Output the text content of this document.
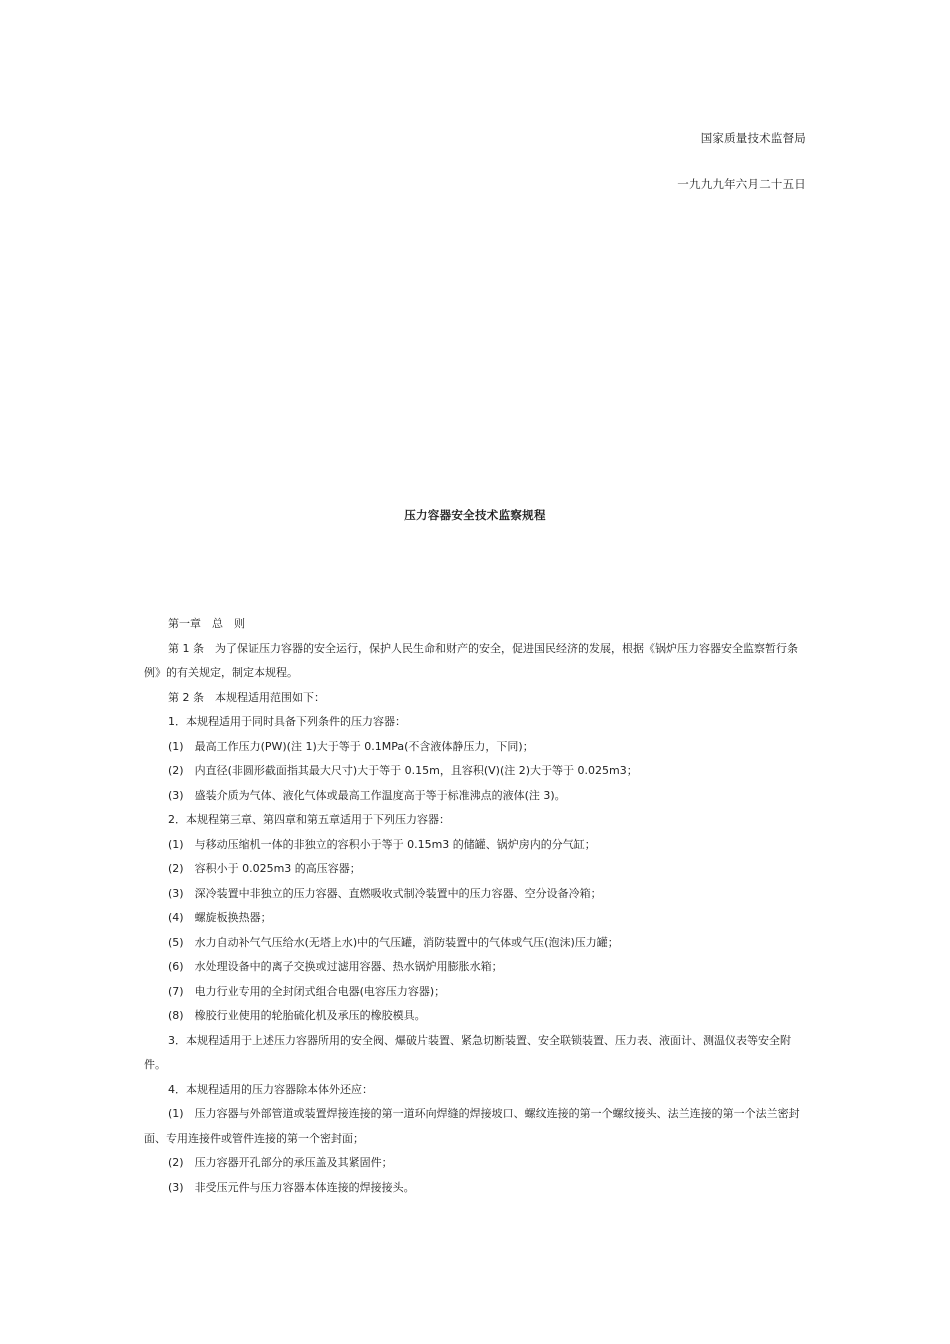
国家质量技术监督局
一九九九年六月二十五日
压力容器安全技术监察规程

第一章　总　则

第 1 条　为了保证压力容器的安全运行，保护人民生命和财产的安全，促进国民经济的发展，根据《锅炉压力容器安全监察暂行条例》的有关规定，制定本规程。

第 2 条　本规程适用范围如下：

1．本规程适用于同时具备下列条件的压力容器：

(1)　最高工作压力(PW)(注 1)大于等于 0.1MPa(不含液体静压力，下同)；

(2)　内直径(非圆形截面指其最大尺寸)大于等于 0.15m，且容积(V)(注 2)大于等于 0.025m3；

(3)　盛装介质为气体、液化气体或最高工作温度高于等于标准沸点的液体(注 3)。

2．本规程第三章、第四章和第五章适用于下列压力容器：

(1)　与移动压缩机一体的非独立的容积小于等于 0.15m3 的储罐、锅炉房内的分气缸；

(2)　容积小于 0.025m3 的高压容器；

(3)　深冷装置中非独立的压力容器、直燃吸收式制冷装置中的压力容器、空分设备冷箱；

(4)　螺旋板换热器；

(5)　水力自动补气气压给水(无塔上水)中的气压罐，消防装置中的气体或气压(泡沫)压力罐；

(6)　水处理设备中的离子交换或过滤用容器、热水锅炉用膨胀水箱；

(7)　电力行业专用的全封闭式组合电器(电容压力容器)；

(8)　橡胶行业使用的轮胎硫化机及承压的橡胶模具。

3．本规程适用于上述压力容器所用的安全阀、爆破片装置、紧急切断装置、安全联锁装置、压力表、液面计、测温仪表等安全附件。

4．本规程适用的压力容器除本体外还应：

(1)　压力容器与外部管道或装置焊接连接的第一道环向焊缝的焊接坡口、螺纹连接的第一个螺纹接头、法兰连接的第一个法兰密封面、专用连接件或管件连接的第一个密封面；

(2)　压力容器开孔部分的承压盖及其紧固件；

(3)　非受压元件与压力容器本体连接的焊接接头。
